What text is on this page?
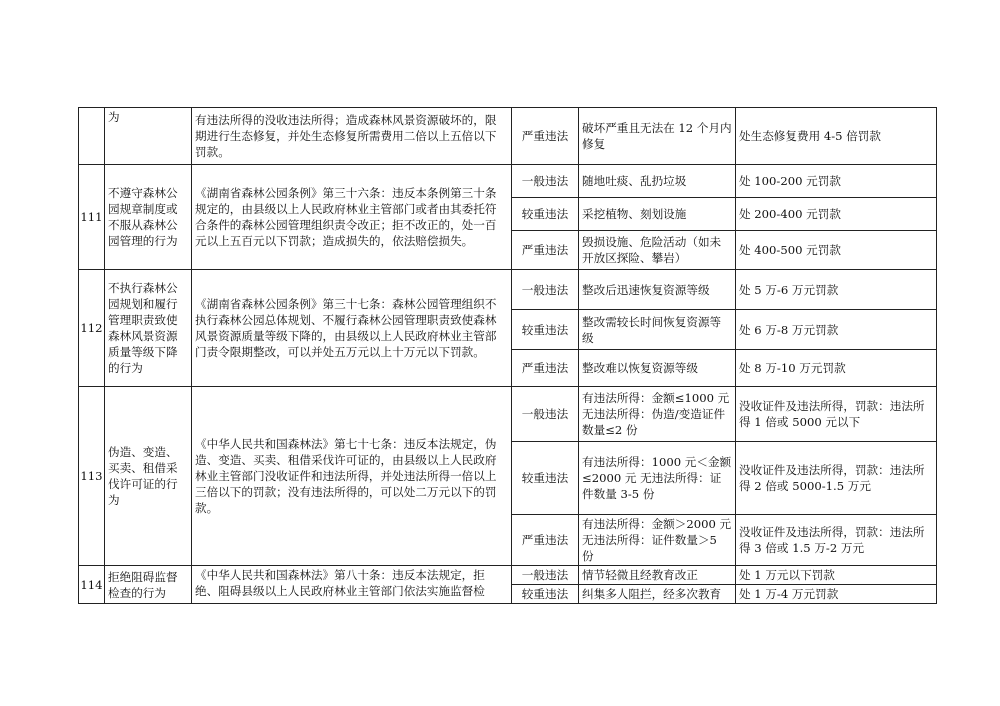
	为	有违法所得的没收违法所得；造成森林风景资源破坏的，限期进行生态修复，并处生态修复所需费用二倍以上五倍以下罚款。	严重违法	破坏严重且无法在 12 个月内修复	处生态修复费用 4-5 倍罚款
111	不遵守森林公园规章制度或不服从森林公园管理的行为	《湖南省森林公园条例》第三十六条：违反本条例第三十条规定的，由县级以上人民政府林业主管部门或者由其委托符合条件的森林公园管理组织责令改正；拒不改正的，处一百元以上五百元以下罚款；造成损失的，依法赔偿损失。	一般违法	随地吐痰、乱扔垃圾	处 100-200 元罚款
			较重违法	采挖植物、刻划设施	处 200-400 元罚款
			严重违法	毁损设施、危险活动（如未开放区探险、攀岩）	处 400-500 元罚款
112	不执行森林公园规划和履行管理职责致使森林风景资源质量等级下降的行为	《湖南省森林公园条例》第三十七条：森林公园管理组织不执行森林公园总体规划、不履行森林公园管理职责致使森林风景资源质量等级下降的，由县级以上人民政府林业主管部门责令限期整改，可以并处五万元以上十万元以下罚款。	一般违法	整改后迅速恢复资源等级	处 5 万-6 万元罚款
			较重违法	整改需较长时间恢复资源等级	处 6 万-8 万元罚款
			严重违法	整改难以恢复资源等级	处 8 万-10 万元罚款
113	伪造、变造、买卖、租借采伐许可证的行为	《中华人民共和国森林法》第七十七条：违反本法规定，伪造、变造、买卖、租借采伐许可证的，由县级以上人民政府林业主管部门没收证件和违法所得，并处违法所得一倍以上三倍以下的罚款；没有违法所得的，可以处二万元以下的罚款。	一般违法	有违法所得：金额≤1000 元 无违法所得：伪造/变造证件数量≤2 份	没收证件及违法所得，罚款：违法所得 1 倍或 5000 元以下
			较重违法	有违法所得：1000 元＜金额≤2000 元 无违法所得：证件数量 3-5 份	没收证件及违法所得，罚款：违法所得 2 倍或 5000-1.5 万元
			严重违法	有违法所得：金额＞2000 元 无违法所得：证件数量＞5 份	没收证件及违法所得，罚款：违法所得 3 倍或 1.5 万-2 万元
114	拒绝阻碍监督检查的行为	《中华人民共和国森林法》第八十条：违反本法规定，拒绝、阻碍县级以上人民政府林业主管部门依法实施监督检	一般违法	情节轻微且经教育改正	处 1 万元以下罚款
			较重违法	纠集多人阻拦，经多次教育	处 1 万-4 万元罚款
